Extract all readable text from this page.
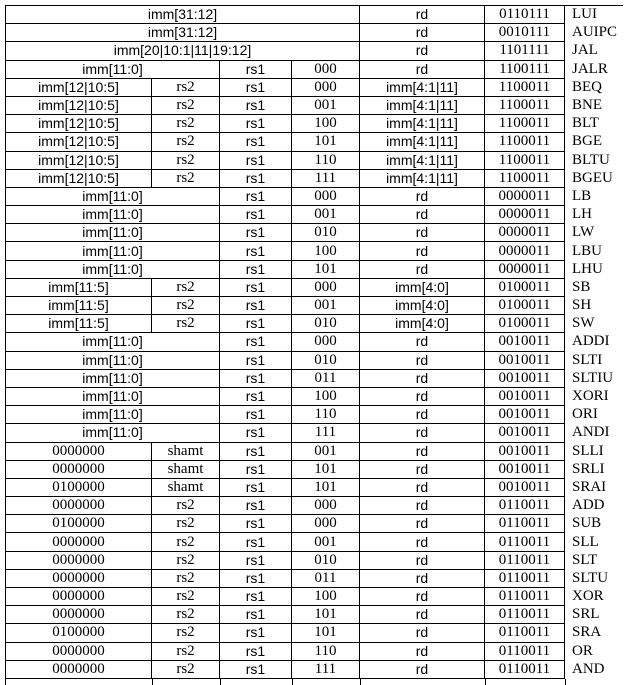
imm[31:12]				rd	0110111	LUI
imm[31:12]				rd	0010111	AUIPC
imm[20|10:1|11|19:12]				rd	1101111	JAL
imm[11:0]		rs1	000	rd	1100111	JALR
imm[12|10:5]	rs2	rs1	000	imm[4:1|11]	1100011	BEQ
imm[12|10:5]	rs2	rs1	001	imm[4:1|11]	1100011	BNE
imm[12|10:5]	rs2	rs1	100	imm[4:1|11]	1100011	BLT
imm[12|10:5]	rs2	rs1	101	imm[4:1|11]	1100011	BGE
imm[12|10:5]	rs2	rs1	110	imm[4:1|11]	1100011	BLTU
imm[12|10:5]	rs2	rs1	111	imm[4:1|11]	1100011	BGEU
imm[11:0]		rs1	000	rd	0000011	LB
imm[11:0]		rs1	001	rd	0000011	LH
imm[11:0]		rs1	010	rd	0000011	LW
imm[11:0]		rs1	100	rd	0000011	LBU
imm[11:0]		rs1	101	rd	0000011	LHU
imm[11:5]	rs2	rs1	000	imm[4:0]	0100011	SB
imm[11:5]	rs2	rs1	001	imm[4:0]	0100011	SH
imm[11:5]	rs2	rs1	010	imm[4:0]	0100011	SW
imm[11:0]		rs1	000	rd	0010011	ADDI
imm[11:0]		rs1	010	rd	0010011	SLTI
imm[11:0]		rs1	011	rd	0010011	SLTIU
imm[11:0]		rs1	100	rd	0010011	XORI
imm[11:0]		rs1	110	rd	0010011	ORI
imm[11:0]		rs1	111	rd	0010011	ANDI
0000000	shamt	rs1	001	rd	0010011	SLLI
0000000	shamt	rs1	101	rd	0010011	SRLI
0100000	shamt	rs1	101	rd	0010011	SRAI
0000000	rs2	rs1	000	rd	0110011	ADD
0100000	rs2	rs1	000	rd	0110011	SUB
0000000	rs2	rs1	001	rd	0110011	SLL
0000000	rs2	rs1	010	rd	0110011	SLT
0000000	rs2	rs1	011	rd	0110011	SLTU
0000000	rs2	rs1	100	rd	0110011	XOR
0000000	rs2	rs1	101	rd	0110011	SRL
0100000	rs2	rs1	101	rd	0110011	SRA
0000000	rs2	rs1	110	rd	0110011	OR
0000000	rs2	rs1	111	rd	0110011	AND
